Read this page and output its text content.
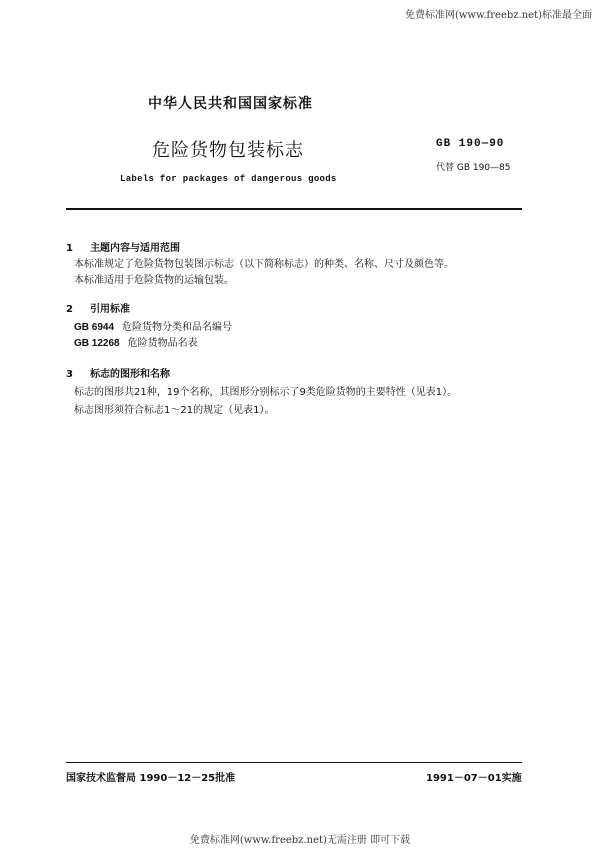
免费标准网(www.freebz.net)标准最全面
中华人民共和国国家标准
危险货物包装标志
Labels for packages of dangerous goods
GB 190—90
代替 GB 190—85
1 主题内容与适用范围
本标准规定了危险货物包装图示标志（以下简称标志）的种类、名称、尺寸及颜色等。
本标准适用于危险货物的运输包装。
2 引用标准
GB 6944 危险货物分类和品名编号
GB 12268 危险货物品名表
3 标志的图形和名称
标志的图形共21种，19个名称，其图形分别标示了9类危险货物的主要特性（见表1）。
标志图形须符合标志1～21的规定（见表1）。
国家技术监督局 1990－12－25批准	1991－07－01实施
免费标准网(www.freebz.net)无需注册 即可下载
